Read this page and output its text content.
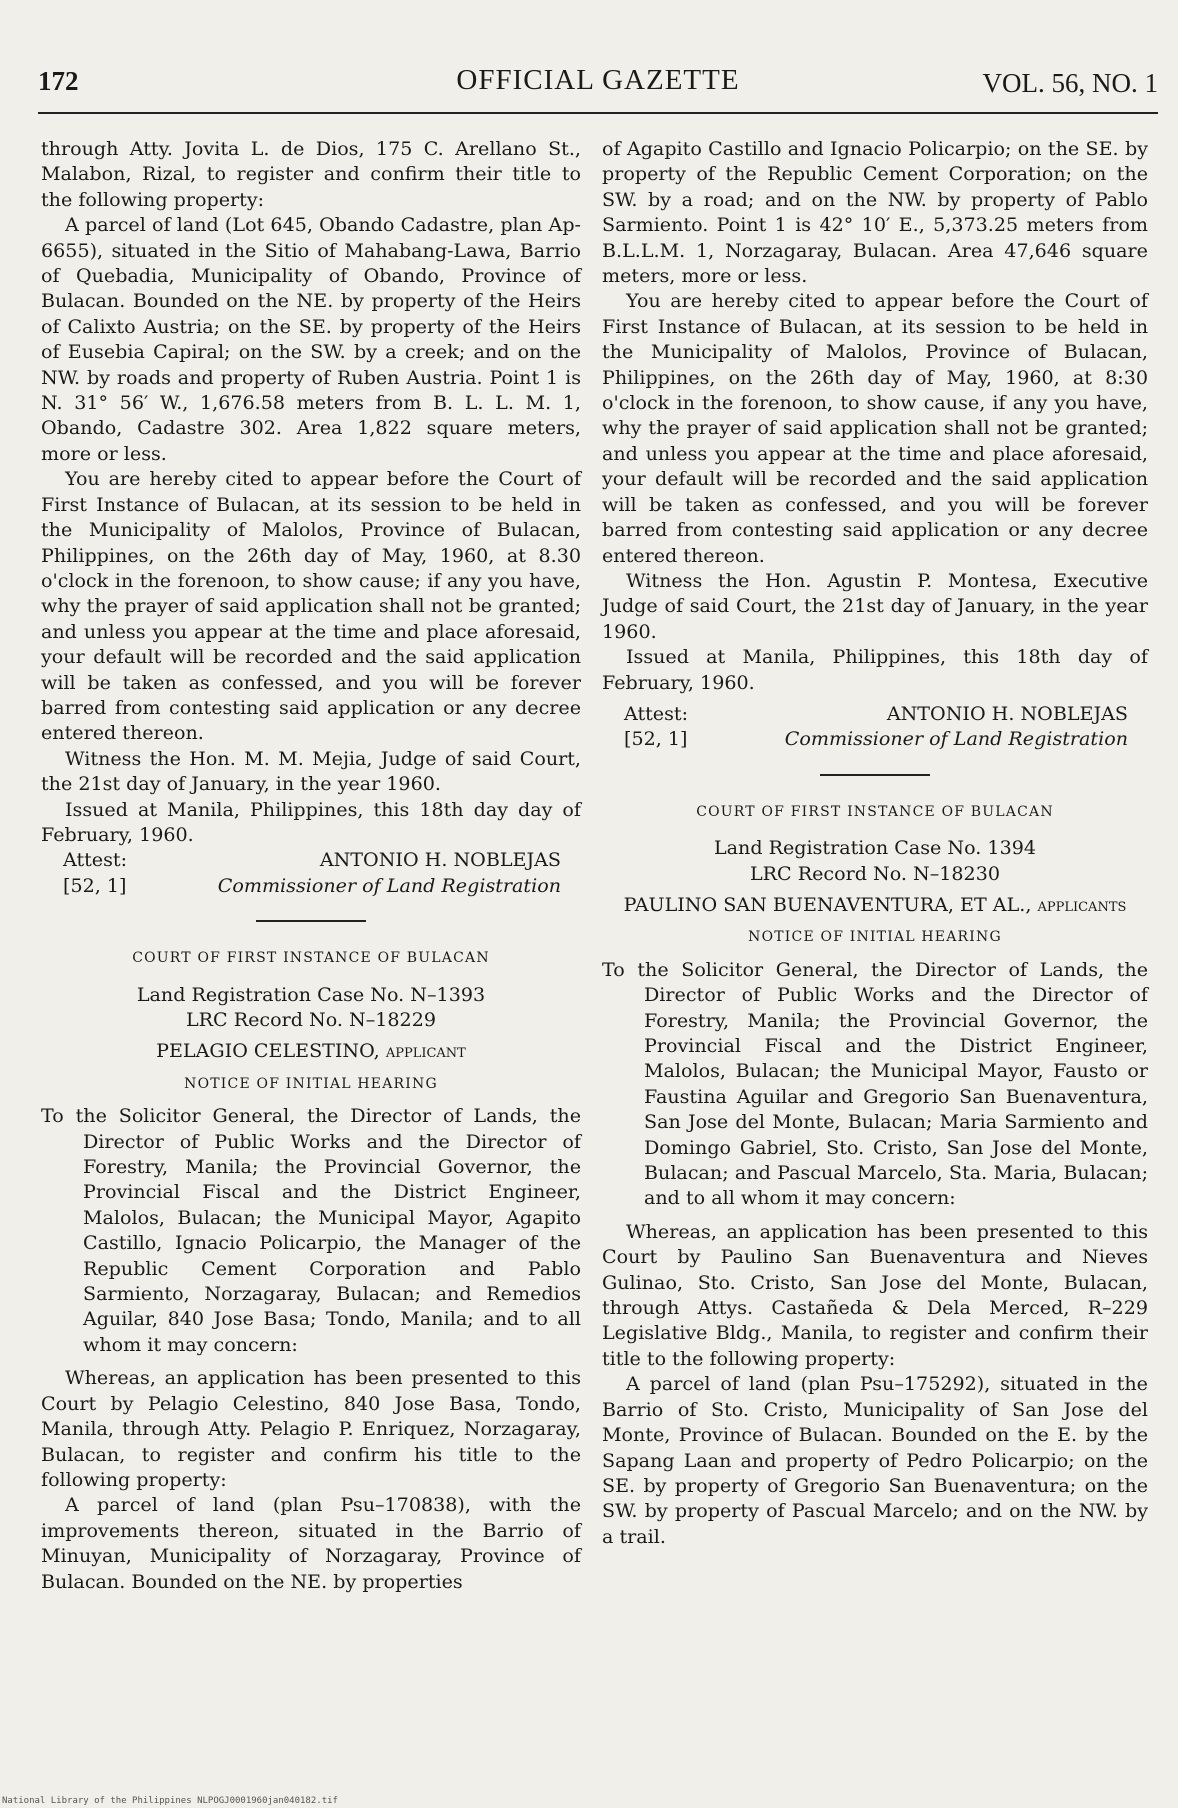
172	OFFICIAL GAZETTE	VOL. 56, NO. 1

through Atty. Jovita L. de Dios, 175 C. Arellano St., Malabon, Rizal, to register and confirm their title to the following property:

A parcel of land (Lot 645, Obando Cadastre, plan Ap-6655), situated in the Sitio of Mahabang-Lawa, Barrio of Quebadia, Municipality of Obando, Province of Bulacan. Bounded on the NE. by property of the Heirs of Calixto Austria; on the SE. by property of the Heirs of Eusebia Capiral; on the SW. by a creek; and on the NW. by roads and property of Ruben Austria. Point 1 is N. 31° 56′ W., 1,676.58 meters from B. L. L. M. 1, Obando, Cadastre 302. Area 1,822 square meters, more or less.

You are hereby cited to appear before the Court of First Instance of Bulacan, at its session to be held in the Municipality of Malolos, Province of Bulacan, Philippines, on the 26th day of May, 1960, at 8.30 o'clock in the forenoon, to show cause; if any you have, why the prayer of said application shall not be granted; and unless you appear at the time and place aforesaid, your default will be recorded and the said application will be taken as confessed, and you will be forever barred from contesting said application or any decree entered thereon.

Witness the Hon. M. M. Mejia, Judge of said Court, the 21st day of January, in the year 1960.

Issued at Manila, Philippines, this 18th day day of February, 1960.

Attest:	ANTONIO H. NOBLEJAS
[52, 1]	Commissioner of Land Registration
COURT OF FIRST INSTANCE OF BULACAN
Land Registration Case No. N–1393
LRC Record No. N–18229
PELAGIO CELESTINO, applicant
NOTICE OF INITIAL HEARING

To the Solicitor General, the Director of Lands, the Director of Public Works and the Director of Forestry, Manila; the Provincial Governor, the Provincial Fiscal and the District Engineer, Malolos, Bulacan; the Municipal Mayor, Agapito Castillo, Ignacio Policarpio, the Manager of the Republic Cement Corporation and Pablo Sarmiento, Norzagaray, Bulacan; and Remedios Aguilar, 840 Jose Basa; Tondo, Manila; and to all whom it may concern:

Whereas, an application has been presented to this Court by Pelagio Celestino, 840 Jose Basa, Tondo, Manila, through Atty. Pelagio P. Enriquez, Norzagaray, Bulacan, to register and confirm his title to the following property:

A parcel of land (plan Psu–170838), with the improvements thereon, situated in the Barrio of Minuyan, Municipality of Norzagaray, Province of Bulacan. Bounded on the NE. by properties

of Agapito Castillo and Ignacio Policarpio; on the SE. by property of the Republic Cement Corporation; on the SW. by a road; and on the NW. by property of Pablo Sarmiento. Point 1 is 42° 10′ E., 5,373.25 meters from B.L.L.M. 1, Norzagaray, Bulacan. Area 47,646 square meters, more or less.

You are hereby cited to appear before the Court of First Instance of Bulacan, at its session to be held in the Municipality of Malolos, Province of Bulacan, Philippines, on the 26th day of May, 1960, at 8:30 o'clock in the forenoon, to show cause, if any you have, why the prayer of said application shall not be granted; and unless you appear at the time and place aforesaid, your default will be recorded and the said application will be taken as confessed, and you will be forever barred from contesting said application or any decree entered thereon.

Witness the Hon. Agustin P. Montesa, Executive Judge of said Court, the 21st day of January, in the year 1960.

Issued at Manila, Philippines, this 18th day of February, 1960.

Attest:	ANTONIO H. NOBLEJAS
[52, 1]	Commissioner of Land Registration
COURT OF FIRST INSTANCE OF BULACAN
Land Registration Case No. 1394
LRC Record No. N–18230
PAULINO SAN BUENAVENTURA, ET AL., applicants
NOTICE OF INITIAL HEARING

To the Solicitor General, the Director of Lands, the Director of Public Works and the Director of Forestry, Manila; the Provincial Governor, the Provincial Fiscal and the District Engineer, Malolos, Bulacan; the Municipal Mayor, Fausto or Faustina Aguilar and Gregorio San Buenaventura, San Jose del Monte, Bulacan; Maria Sarmiento and Domingo Gabriel, Sto. Cristo, San Jose del Monte, Bulacan; and Pascual Marcelo, Sta. Maria, Bulacan; and to all whom it may concern:

Whereas, an application has been presented to this Court by Paulino San Buenaventura and Nieves Gulinao, Sto. Cristo, San Jose del Monte, Bulacan, through Attys. Castañeda & Dela Merced, R–229 Legislative Bldg., Manila, to register and confirm their title to the following property:

A parcel of land (plan Psu–175292), situated in the Barrio of Sto. Cristo, Municipality of San Jose del Monte, Province of Bulacan. Bounded on the E. by the Sapang Laan and property of Pedro Policarpio; on the SE. by property of Gregorio San Buenaventura; on the SW. by property of Pascual Marcelo; and on the NW. by a trail.

National Library of the Philippines NLPOGJ0001960jan040182.tif
